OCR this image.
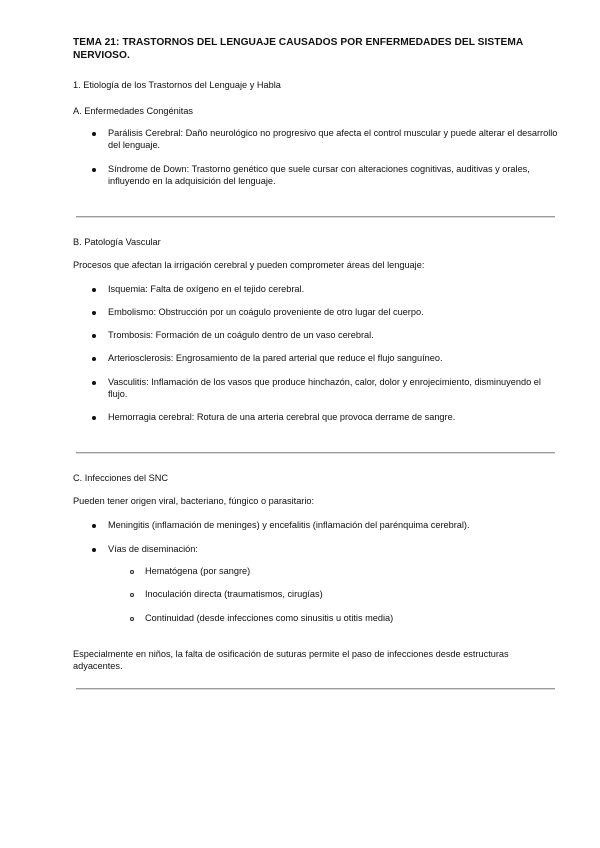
TEMA 21: TRASTORNOS DEL LENGUAJE CAUSADOS POR ENFERMEDADES DEL SISTEMA NERVIOSO.
1. Etiología de los Trastornos del Lenguaje y Habla
A. Enfermedades Congénitas
Parálisis Cerebral: Daño neurológico no progresivo que afecta el control muscular y puede alterar el desarrollo del lenguaje.
Síndrome de Down: Trastorno genético que suele cursar con alteraciones cognitivas, auditivas y orales, influyendo en la adquisición del lenguaje.
B. Patología Vascular
Procesos que afectan la irrigación cerebral y pueden comprometer áreas del lenguaje:
Isquemia: Falta de oxígeno en el tejido cerebral.
Embolismo: Obstrucción por un coágulo proveniente de otro lugar del cuerpo.
Trombosis: Formación de un coágulo dentro de un vaso cerebral.
Arteriosclerosis: Engrosamiento de la pared arterial que reduce el flujo sanguíneo.
Vasculitis: Inflamación de los vasos que produce hinchazón, calor, dolor y enrojecimiento, disminuyendo el flujo.
Hemorragia cerebral: Rotura de una arteria cerebral que provoca derrame de sangre.
C. Infecciones del SNC
Pueden tener origen viral, bacteriano, fúngico o parasitario:
Meningitis (inflamación de meninges) y encefalitis (inflamación del parénquima cerebral).
Vías de diseminación:
Hematógena (por sangre)
Inoculación directa (traumatismos, cirugías)
Continuidad (desde infecciones como sinusitis u otitis media)
Especialmente en niños, la falta de osificación de suturas permite el paso de infecciones desde estructuras adyacentes.
